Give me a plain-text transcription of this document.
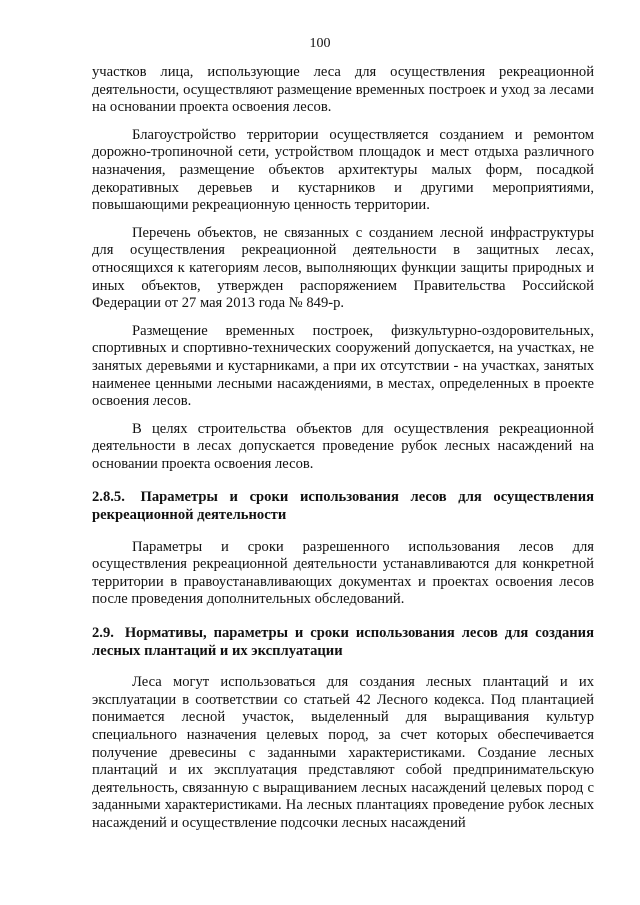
100

участков лица, использующие леса для осуществления рекреационной деятельности, осуществляют размещение временных построек и уход за лесами на основании проекта освоения лесов.

Благоустройство территории осуществляется созданием и ремонтом дорожно-тропиночной сети, устройством площадок и мест отдыха различного назначения, размещение объектов архитектуры малых форм, посадкой декоративных деревьев и кустарников и другими мероприятиями, повышающими рекреационную ценность территории.

Перечень объектов, не связанных с созданием лесной инфраструктуры для осуществления рекреационной деятельности в защитных лесах, относящихся к категориям лесов, выполняющих функции защиты природных и иных объектов, утвержден распоряжением Правительства Российской Федерации от 27 мая 2013 года № 849-р.

Размещение временных построек, физкультурно-оздоровительных, спортивных и спортивно-технических сооружений допускается, на участках, не занятых деревьями и кустарниками, а при их отсутствии - на участках, занятых наименее ценными лесными насаждениями, в местах, определенных в проекте освоения лесов.

В целях строительства объектов для осуществления рекреационной деятельности в лесах допускается проведение рубок лесных насаждений на основании проекта освоения лесов.

2.8.5. Параметры и сроки использования лесов для осуществления рекреационной деятельности

Параметры и сроки разрешенного использования лесов для осуществления рекреационной деятельности устанавливаются для конкретной территории в правоустанавливающих документах и проектах освоения лесов после проведения дополнительных обследований.

2.9. Нормативы, параметры и сроки использования лесов для создания лесных плантаций и их эксплуатации

Леса могут использоваться для создания лесных плантаций и их эксплуатации в соответствии со статьей 42 Лесного кодекса. Под плантацией понимается лесной участок, выделенный для выращивания культур специального назначения целевых пород, за счет которых обеспечивается получение древесины с заданными характеристиками. Создание лесных плантаций и их эксплуатация представляют собой предпринимательскую деятельность, связанную с выращиванием лесных насаждений целевых пород с заданными характеристиками. На лесных плантациях проведение рубок лесных насаждений и осуществление подсочки лесных насаждений
